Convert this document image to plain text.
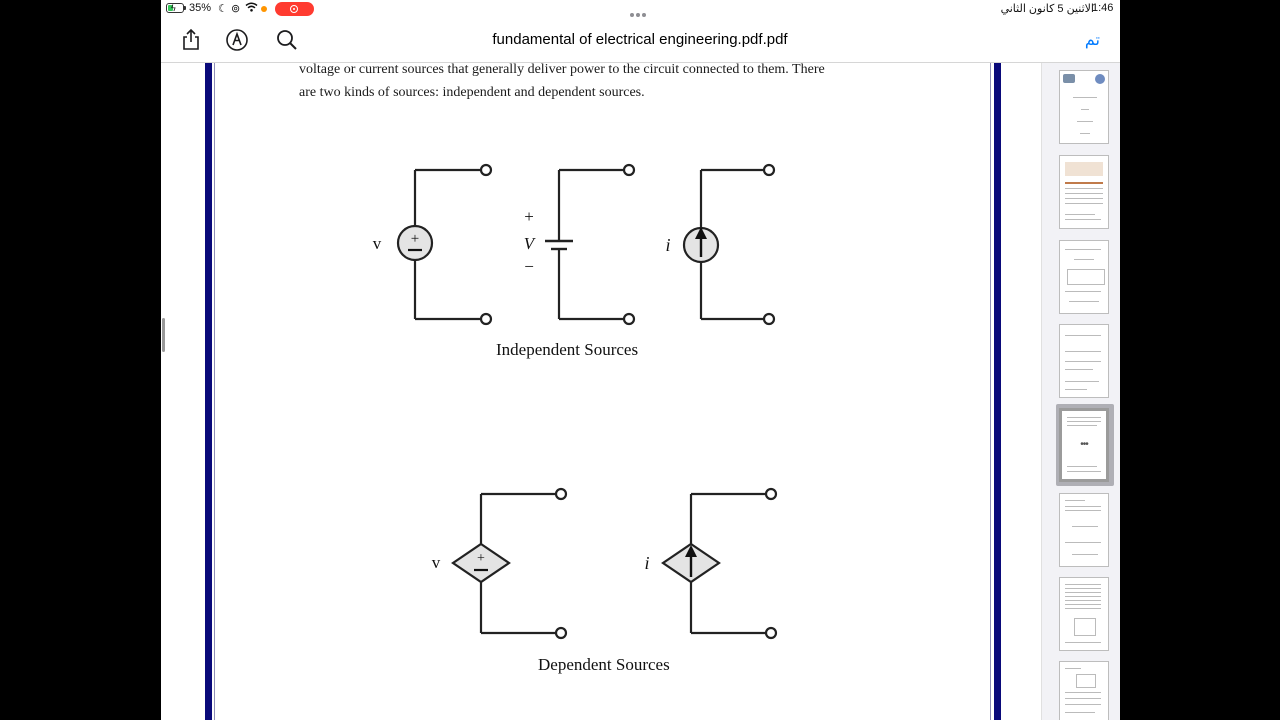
ϟ 35% ☾ ⊚	الاثنين 5 كانون الثاني
1:46
fundamental of electrical engineering.pdf.pdf	تم

voltage or current sources that generally deliver power to the circuit connected to them. There
are two kinds of sources: independent and dependent sources.

+
+
v
+
V
−
i
v	i
Independent Sources
Dependent Sources
•••
